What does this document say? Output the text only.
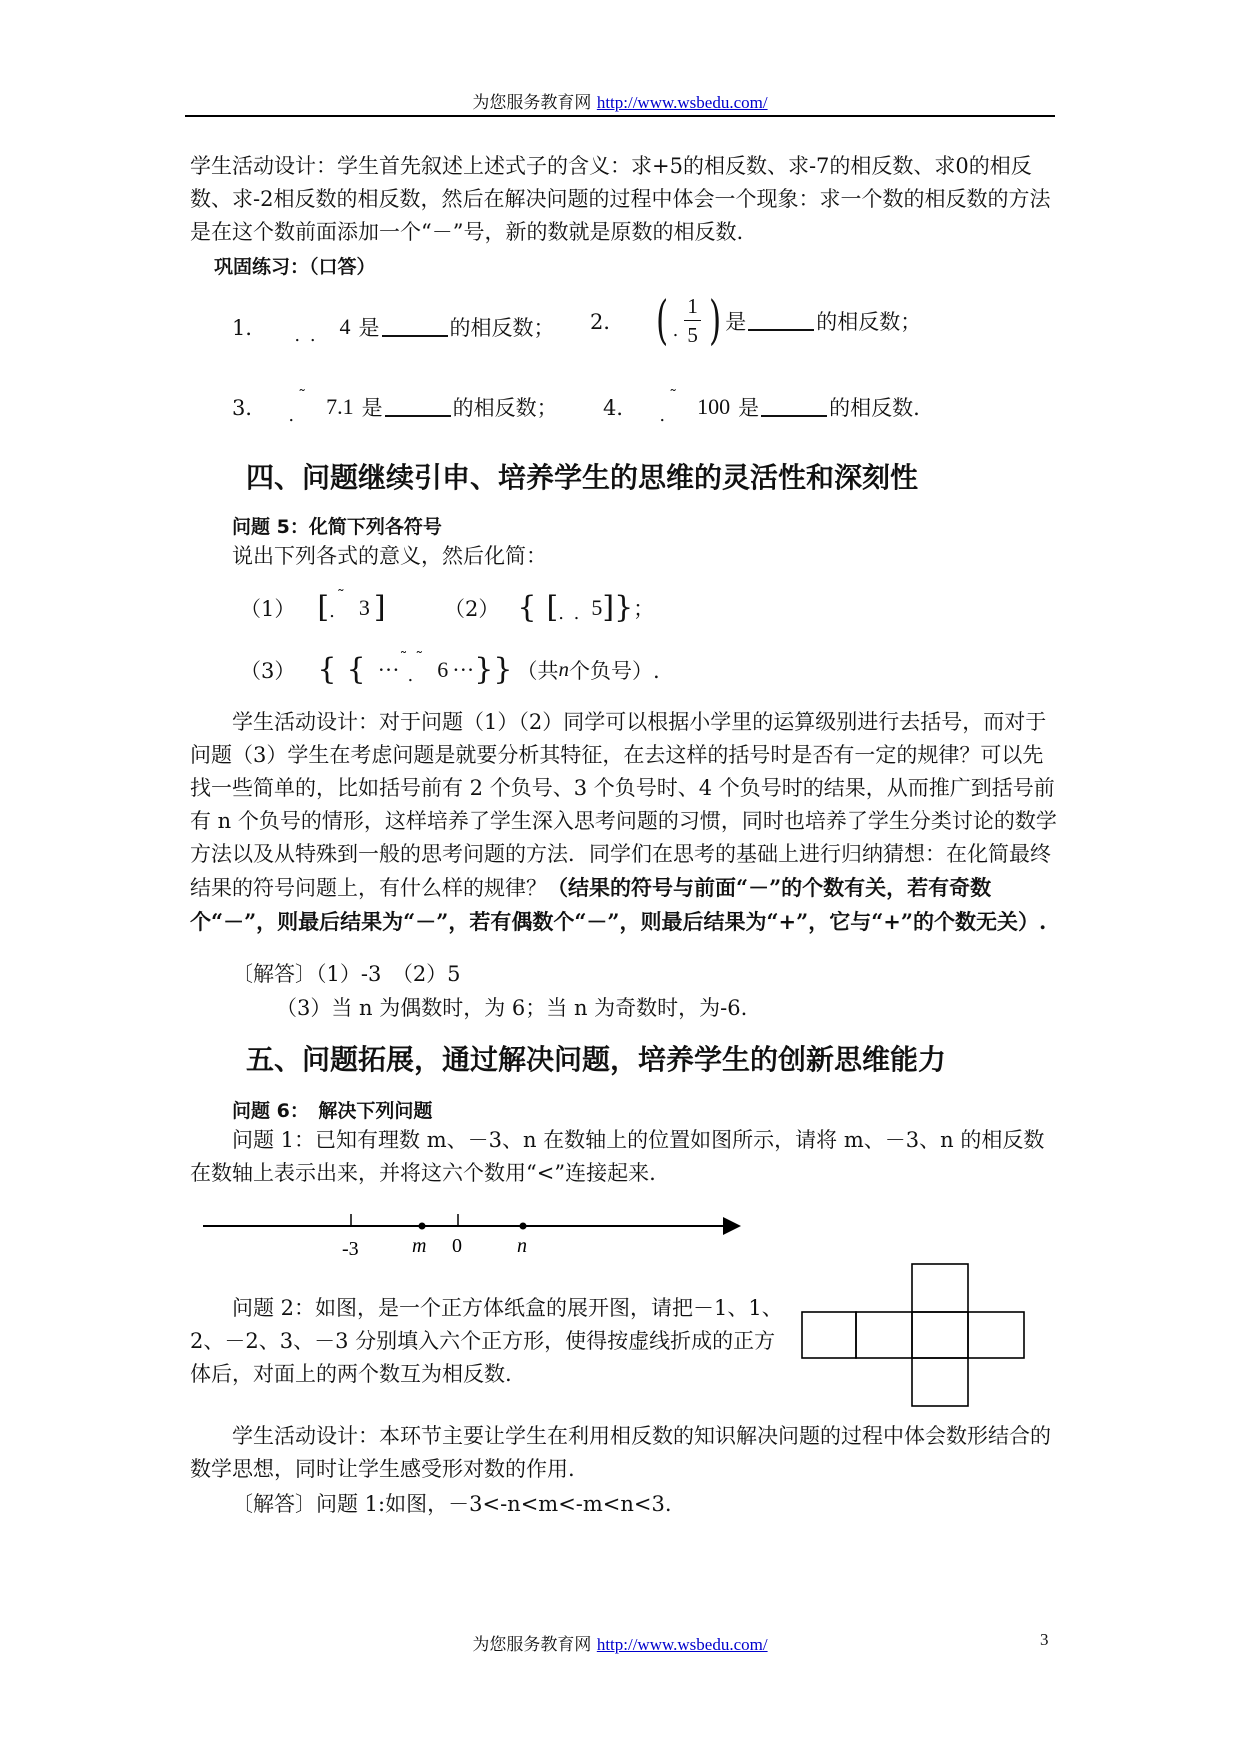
为您服务教育网 http://www.wsbedu.com/
学生活动设计：学生首先叙述上述式子的含义：求+5的相反数、求-7的相反数、求0的相反数、求-2相反数的相反数，然后在解决问题的过程中体会一个现象：求一个数的相反数的方法是在这个数前面添加一个“－”号，新的数就是原数的相反数.
巩固练习：（口答）
1． . . 4 是	的相反数； 2． ( . $\frac{1}{5}$ ) 是	的相反数；
3． .
˜ 7.1 是	的相反数； 4． .
˜ 100 是	的相反数.
四、问题继续引申、培养学生的思维的灵活性和深刻性
问题 5：化简下列各符号
说出下列各式的意义，然后化简：
（1） [ .
˜ 3 ]	（2） { [ . . 5 ] } ；
（3） { { ··· ˜
.
˜ 6 ··· } } （共 n 个负号）.
学生活动设计：对于问题（1）（2）同学可以根据小学里的运算级别进行去括号，而对于问题（3）学生在考虑问题是就要分析其特征，在去这样的括号时是否有一定的规律？可以先找一些简单的，比如括号前有 2 个负号、3 个负号时、4 个负号时的结果，从而推广到括号前有 n 个负号的情形，这样培养了学生深入思考问题的习惯，同时也培养了学生分类讨论的数学方法以及从特殊到一般的思考问题的方法．同学们在思考的基础上进行归纳猜想：在化简最终结果的符号问题上，有什么样的规律？（结果的符号与前面“－”的个数有关，若有奇数个“－”，则最后结果为“－”，若有偶数个“－”，则最后结果为“+”，它与“+”的个数无关）.
〔解答〕（1）-3　（2）5
（3）当 n 为偶数时，为 6；当 n 为奇数时，为-6.
五、问题拓展，通过解决问题，培养学生的创新思维能力
问题 6：　解决下列问题
问题 1：已知有理数 m、－3、n 在数轴上的位置如图所示，请将 m、－3、n 的相反数在数轴上表示出来，并将这六个数用“<”连接起来.
-3	m 0	n
问题 2：如图，是一个正方体纸盒的展开图，请把－1、1、2、－2、3、－3 分别填入六个正方形，使得按虚线折成的正方体后，对面上的两个数互为相反数.
学生活动设计：本环节主要让学生在利用相反数的知识解决问题的过程中体会数形结合的数学思想，同时让学生感受形对数的作用.
〔解答〕问题 1:如图，－3<-n<m<-m<n<3.
为您服务教育网 http://www.wsbedu.com/	3
